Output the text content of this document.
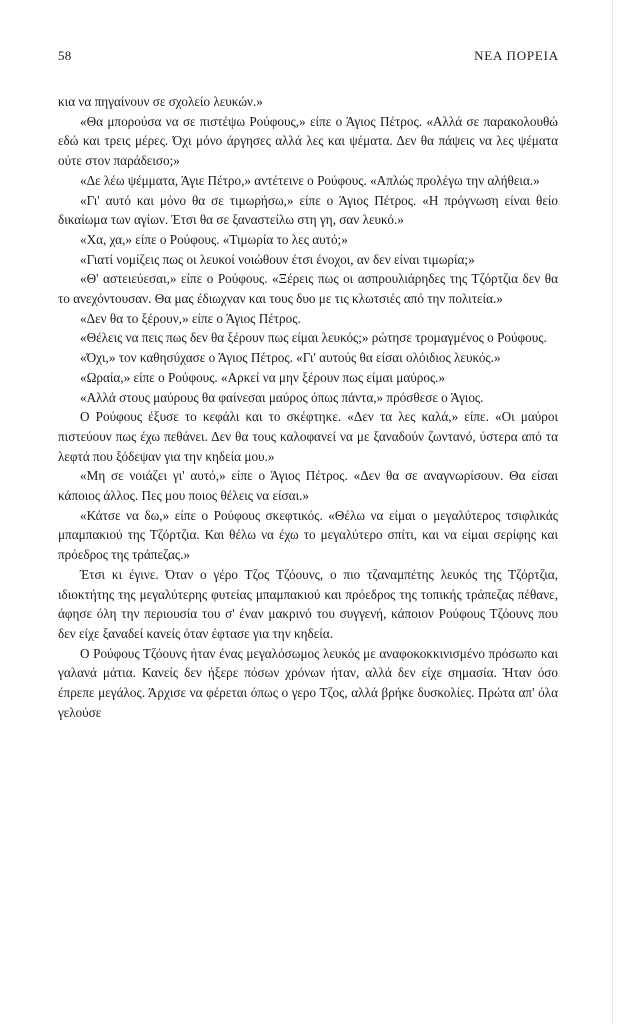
58	ΝΕΑ ΠΟΡΕΙΑ

κια να πηγαίνουν σε σχολείο λευκών.»

«Θα μπορούσα να σε πιστέψω Ρούφους,» είπε ο Άγιος Πέτρος. «Αλλά σε παρακολουθώ εδώ και τρεις μέρες. Όχι μόνο άργησες αλλά λες και ψέματα. Δεν θα πάψεις να λες ψέματα ούτε στον παράδεισο;»

«Δε λέω ψέμματα, Άγιε Πέτρο,» αντέτεινε ο Ρούφους. «Απλώς προλέγω την αλήθεια.»

«Γι' αυτό και μόνο θα σε τιμωρήσω,» είπε ο Άγιος Πέτρος. «Η πρόγνωση είναι θείο δικαίωμα των αγίων. Έτσι θα σε ξαναστείλω στη γη, σαν λευκό.»

«Χα, χα,» είπε ο Ρούφους. «Τιμωρία το λες αυτό;»

«Γιατί νομίζεις πως οι λευκοί νοιώθουν έτσι ένοχοι, αν δεν είναι τιμωρία;»

«Θ' αστειεύεσαι,» είπε ο Ρούφους. «Ξέρεις πως οι ασπρουλιάρηδες της Τζόρτζια δεν θα το ανεχόντουσαν. Θα μας έδιωχναν και τους δυο με τις κλωτσιές από την πολιτεία.»

«Δεν θα το ξέρουν,» είπε ο Άγιος Πέτρος.

«Θέλεις να πεις πως δεν θα ξέρουν πως είμαι λευκός;» ρώτησε τρομαγμένος ο Ρούφους.

«Όχι,» τον καθησύχασε ο Άγιος Πέτρος. «Γι' αυτούς θα είσαι ολόιδιος λευκός.»

«Ωραία,» είπε ο Ρούφους. «Αρκεί να μην ξέρουν πως είμαι μαύρος.»

«Αλλά στους μαύρους θα φαίνεσαι μαύρος όπως πάντα,» πρόσθεσε ο Άγιος.

Ο Ρούφους έξυσε το κεφάλι και το σκέφτηκε. «Δεν τα λες καλά,» είπε. «Οι μαύροι πιστεύουν πως έχω πεθάνει. Δεν θα τους καλοφανεί να με ξαναδούν ζωντανό, ύστερα από τα λεφτά που ξόδεψαν για την κηδεία μου.»

«Μη σε νοιάζει γι' αυτό,» είπε ο Άγιος Πέτρος. «Δεν θα σε αναγνωρίσουν. Θα είσαι κάποιος άλλος. Πες μου ποιος θέλεις να είσαι.»

«Κάτσε να δω,» είπε ο Ρούφους σκεφτικός. «Θέλω να είμαι ο μεγαλύτερος τσιφλικάς μπαμπακιού της Τζόρτζια. Και θέλω να έχω το μεγαλύτερο σπίτι, και να είμαι σερίφης και πρόεδρος της τράπεζας.»

Έτσι κι έγινε. Όταν ο γέρο Τζος Τζόουνς, ο πιο τζαναμπέτης λευκός της Τζόρτζια, ιδιοκτήτης της μεγαλύτερης φυτείας μπαμπακιού και πρόεδρος της τοπικής τράπεζας πέθανε, άφησε όλη την περιουσία του σ' έναν μακρινό του συγγενή, κάποιον Ρούφους Τζόουνς που δεν είχε ξαναδεί κανείς όταν έφτασε για την κηδεία.

Ο Ρούφους Τζόουνς ήταν ένας μεγαλόσωμος λευκός με αναφοκοκκινισμένο πρόσωπο και γαλανά μάτια. Κανείς δεν ήξερε πόσων χρόνων ήταν, αλλά δεν είχε σημασία. Ήταν όσο έπρεπε μεγάλος. Άρχισε να φέρεται όπως ο γερο Τζος, αλλά βρήκε δυσκολίες. Πρώτα απ' όλα γελούσε
